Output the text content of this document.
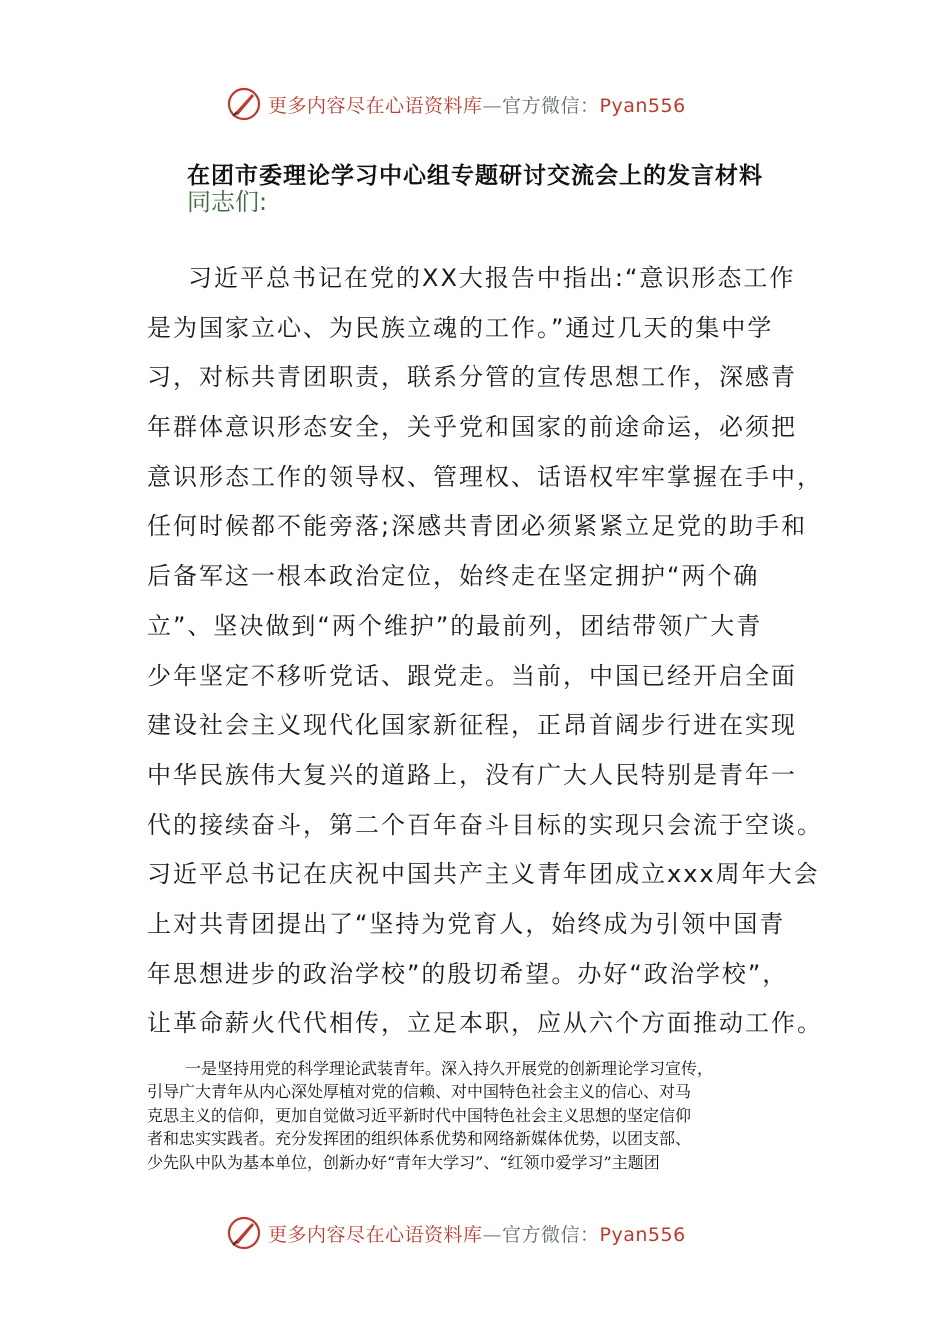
更多内容尽在心语资料库—官方微信：Pyan556
在团市委理论学习中心组专题研讨交流会上的发言材料
同志们:
习近平总书记在党的XX大报告中指出:“意识形态工作
是为国家立心、为民族立魂的工作。”通过几天的集中学
习，对标共青团职责，联系分管的宣传思想工作，深感青
年群体意识形态安全，关乎党和国家的前途命运，必须把
意识形态工作的领导权、管理权、话语权牢牢掌握在手中，
任何时候都不能旁落;深感共青团必须紧紧立足党的助手和
后备军这一根本政治定位，始终走在坚定拥护“两个确
立”、坚决做到“两个维护”的最前列，团结带领广大青
少年坚定不移听党话、跟党走。当前，中国已经开启全面
建设社会主义现代化国家新征程，正昂首阔步行进在实现
中华民族伟大复兴的道路上，没有广大人民特别是青年一
代的接续奋斗，第二个百年奋斗目标的实现只会流于空谈。
习近平总书记在庆祝中国共产主义青年团成立xxx周年大会
上对共青团提出了“坚持为党育人，始终成为引领中国青
年思想进步的政治学校”的殷切希望。办好“政治学校”，
让革命薪火代代相传，立足本职，应从六个方面推动工作。
一是坚持用党的科学理论武装青年。深入持久开展党的创新理论学习宣传，
引导广大青年从内心深处厚植对党的信赖、对中国特色社会主义的信心、对马
克思主义的信仰，更加自觉做习近平新时代中国特色社会主义思想的坚定信仰
者和忠实实践者。充分发挥团的组织体系优势和网络新媒体优势，以团支部、
少先队中队为基本单位，创新办好“青年大学习”、“红领巾爱学习”主题团
更多内容尽在心语资料库—官方微信：Pyan556
